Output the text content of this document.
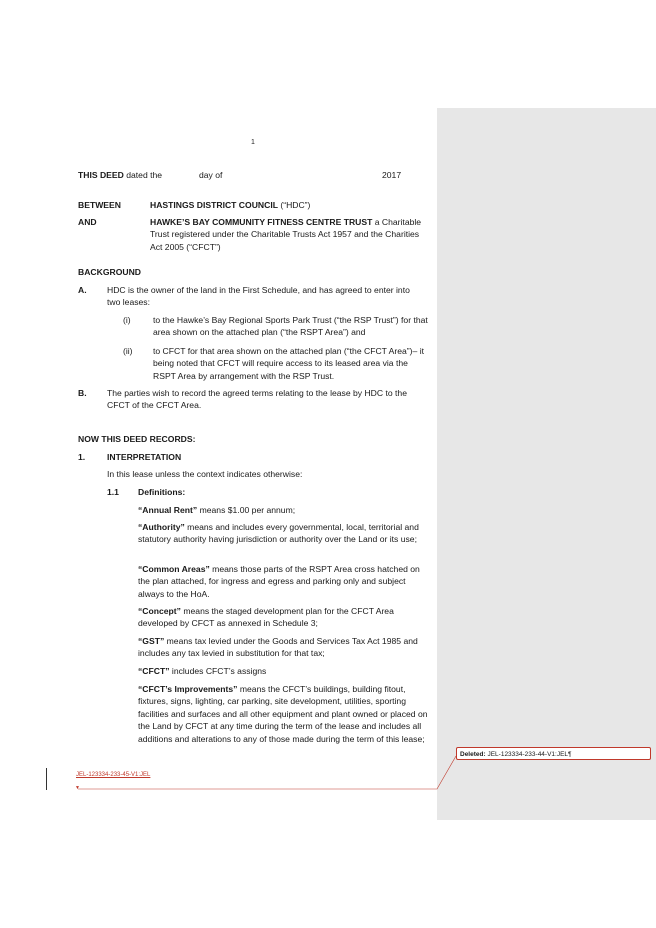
1
THIS DEED dated the	day of	2017
BETWEEN	HASTINGS DISTRICT COUNCIL (“HDC”)
AND	HAWKE’S BAY COMMUNITY FITNESS CENTRE TRUST a Charitable Trust registered under the Charitable Trusts Act 1957 and the Charities Act 2005 (“CFCT”)
BACKGROUND
A. HDC is the owner of the land in the First Schedule, and has agreed to enter into two leases:
(i)	to the Hawke’s Bay Regional Sports Park Trust (“the RSP Trust”) for that area shown on the attached plan (“the RSPT Area”) and
(ii) to CFCT for that area shown on the attached plan (“the CFCT Area”)– it being noted that CFCT will require access to its leased area via the RSPT Area by arrangement with the RSP Trust.
B. The parties wish to record the agreed terms relating to the lease by HDC to the CFCT of the CFCT Area.
NOW THIS DEED RECORDS:
1.	INTERPRETATION
In this lease unless the context indicates otherwise:
1.1 Definitions:
“Annual Rent” means $1.00 per annum;
“Authority” means and includes every governmental, local, territorial and statutory authority having jurisdiction or authority over the Land or its use;
“Common Areas” means those parts of the RSPT Area cross hatched on the plan attached, for ingress and egress and parking only and subject always to the HoA.
“Concept” means the staged development plan for the CFCT Area developed by CFCT as annexed in Schedule 3;
“GST” means tax levied under the Goods and Services Tax Act 1985 and includes any tax levied in substitution for that tax;
“CFCT” includes CFCT’s assigns
“CFCT’s Improvements” means the CFCT’s buildings, building fitout, fixtures, signs, lighting, car parking, site development, utilities, sporting facilities and surfaces and all other equipment and plant owned or placed on the Land by CFCT at any time during the term of the lease and includes all additions and alterations to any of those made during the term of this lease;
JEL-123334-233-45-V1:JEL
▼
Deleted: JEL-123334-233-44-V1:JEL¶
